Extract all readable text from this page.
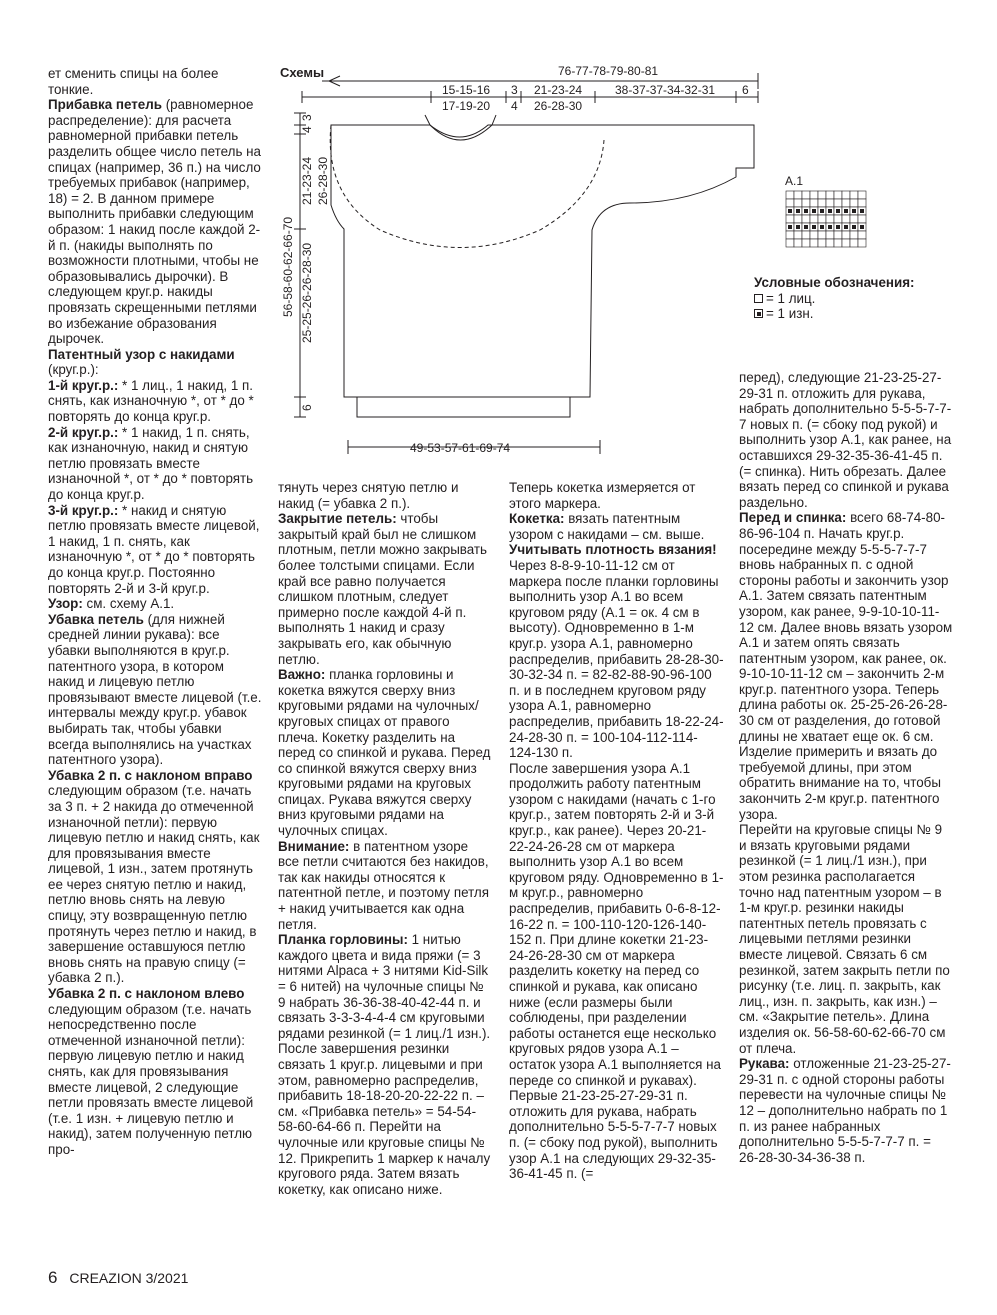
ет сменить спицы на более тонкие.

Прибавка петель (равномерное распределение): для расчета равномерной прибавки петель разделить общее число петель на спицах (например, 36 п.) на число требуемых прибавок (например, 18) = 2. В данном примере выполнить прибавки следующим образом: 1 накид после каждой 2-й п. (накиды выполнять по возможности плотными, чтобы не образовывались дырочки). В следующем круг.р. накиды провязать скрещенными петлями во избежание образования дырочек.

Патентный узор с накидами (круг.р.):

1-й круг.р.: * 1 лиц., 1 накид, 1 п. снять, как изнаночную *, от * до * повторять до конца круг.р.

2-й круг.р.: * 1 накид, 1 п. снять, как изнаночную, накид и снятую петлю провязать вместе изнаночной *, от * до * повторять до конца круг.р.

3-й круг.р.: * накид и снятую петлю провязать вместе лицевой, 1 накид, 1 п. снять, как изнаночную *, от * до * повторять до конца круг.р. Постоянно повторять 2-й и 3-й круг.р.

Узор: см. схему А.1.

Убавка петель (для нижней средней линии рукава): все убавки выполняются в круг.р. патентного узора, в котором накид и лицевую петлю провязывают вместе лицевой (т.е. интервалы между круг.р. убавок выбирать так, чтобы убавки всегда выполнялись на участках патентного узора).

Убавка 2 п. с наклоном вправо следующим образом (т.е. начать за 3 п. + 2 накида до отмеченной изнаночной петли): первую лицевую петлю и накид снять, как для провязывания вместе лицевой, 1 изн., затем протянуть ее через снятую петлю и накид, петлю вновь снять на левую спицу, эту возвращенную петлю протянуть через петлю и накид, в завершение оставшуюся петлю вновь снять на правую спицу (= убавка 2 п.).

Убавка 2 п. с наклоном влево следующим образом (т.е. начать непосредственно после отмеченной изнаночной петли): первую лицевую петлю и накид снять, как для провязывания вместе лицевой, 2 следующие петли провязать вместе лицевой (т.е. 1 изн. + лицевую петлю и накид), затем полученную петлю про-

тянуть через снятую петлю и накид (= убавка 2 п.).

Закрытие петель: чтобы закрытый край был не слишком плотным, петли можно закрывать более толстыми спицами. Если край все равно получается слишком плотным, следует примерно после каждой 4-й п. выполнять 1 накид и сразу закрывать его, как обычную петлю.

Важно: планка горловины и кокетка вяжутся сверху вниз круговыми рядами на чулочных/круговых спицах от правого плеча. Кокетку разделить на перед со спинкой и рукава. Перед со спинкой вяжутся сверху вниз круговыми рядами на круговых спицах. Рукава вяжутся сверху вниз круговыми рядами на чулочных спицах.

Внимание: в патентном узоре все петли считаются без накидов, так как накиды относятся к патентной петле, и поэтому петля + накид учитывается как одна петля.

Планка горловины: 1 нитью каждого цвета и вида пряжи (= 3 нитями Alpaca + 3 нитями Kid-Silk = 6 нитей) на чулочные спицы № 9 набрать 36-36-38-40-42-44 п. и связать 3-3-3-4-4-4 см круговыми рядами резинкой (= 1 лиц./1 изн.). После завершения резинки связать 1 круг.р. лицевыми и при этом, равномерно распределив, прибавить 18-18-20-20-22-22 п. – см. «Прибавка петель» = 54-54-58-60-64-66 п. Перейти на чулочные или круговые спицы № 12. Прикрепить 1 маркер к началу кругового ряда. Затем вязать кокетку, как описано ниже.

Теперь кокетка измеряется от этого маркера.

Кокетка: вязать патентным узором с накидами – см. выше. Учитывать плотность вязания! Через 8-8-9-10-11-12 см от маркера после планки горловины выполнить узор А.1 во всем круговом ряду (А.1 = ок. 4 см в высоту). Одновременно в 1-м круг.р. узора А.1, равномерно распределив, прибавить 28-28-30-30-32-34 п. = 82-82-88-90-96-100 п. и в последнем круговом ряду узора А.1, равномерно распределив, прибавить 18-22-24-24-28-30 п. = 100-104-112-114-124-130 п.

После завершения узора А.1 продолжить работу патентным узором с накидами (начать с 1-го круг.р., затем повторять 2-й и 3-й круг.р., как ранее). Через 20-21-22-24-26-28 см от маркера выполнить узор А.1 во всем круговом ряду. Одновременно в 1-м круг.р., равномерно распределив, прибавить 0-6-8-12-16-22 п. = 100-110-120-126-140-152 п. При длине кокетки 21-23-24-26-28-30 см от маркера разделить кокетку на перед со спинкой и рукава, как описано ниже (если размеры были соблюдены, при разделении работы останется еще несколько круговых рядов узора А.1 – остаток узора А.1 выполняется на переде со спинкой и рукавах).

Первые 21-23-25-27-29-31 п. отложить для рукава, набрать дополнительно 5-5-5-7-7-7 новых п. (= сбоку под рукой), выполнить узор А.1 на следующих 29-32-35-36-41-45 п. (=

перед), следующие 21-23-25-27-29-31 п. отложить для рукава, набрать дополнительно 5-5-5-7-7-7 новых п. (= сбоку под рукой) и выполнить узор А.1, как ранее, на оставшихся 29-32-35-36-41-45 п. (= спинка). Нить обрезать. Далее вязать перед со спинкой и рукава раздельно.

Перед и спинка: всего 68-74-80-86-96-104 п. Начать круг.р. посередине между 5-5-5-7-7-7 вновь набранных п. с одной стороны работы и закончить узор А.1. Затем связать патентным узором, как ранее, 9-9-10-10-11-12 см. Далее вновь вязать узором А.1 и затем опять связать патентным узором, как ранее, ок. 9-10-10-11-12 см – закончить 2-м круг.р. патентного узора. Теперь длина работы ок. 25-25-26-26-28-30 см от разделения, до готовой длины не хватает еще ок. 6 см. Изделие примерить и вязать до требуемой длины, при этом обратить внимание на то, чтобы закончить 2-м круг.р. патентного узора.

Перейти на круговые спицы № 9 и вязать круговыми рядами резинкой (= 1 лиц./1 изн.), при этом резинка располагается точно над патентным узором – в 1-м круг.р. резинки накиды патентных петель провязать с лицевыми петлями резинки вместе лицевой. Связать 6 см резинкой, затем закрыть петли по рисунку (т.е. лиц. п. закрыть, как лиц., изн. п. закрыть, как изн.) – см. «Закрытие петель». Длина изделия ок. 56-58-60-62-66-70 см от плеча.

Рукава: отложенные 21-23-25-27-29-31 п. с одной стороны работы перевести на чулочные спицы № 12 – дополнительно набрать по 1 п. из ранее набранных дополнительно 5-5-5-7-7-7 п. = 26-28-30-34-36-38 п.

Схемы	76-77-78-79-80-81
15-15-16
17-19-20
3
4
21-23-24
26-28-30
38-37-37-34-32-31 6
3
4
21-23-24 26-28-30
56-58-60-62-66-70 25-25-26-26-28-30
6
49-53-57-61-69-74
А.1
Условные обозначения:
= 1 лиц.
= 1 изн.
6 CREAZION 3/2021
